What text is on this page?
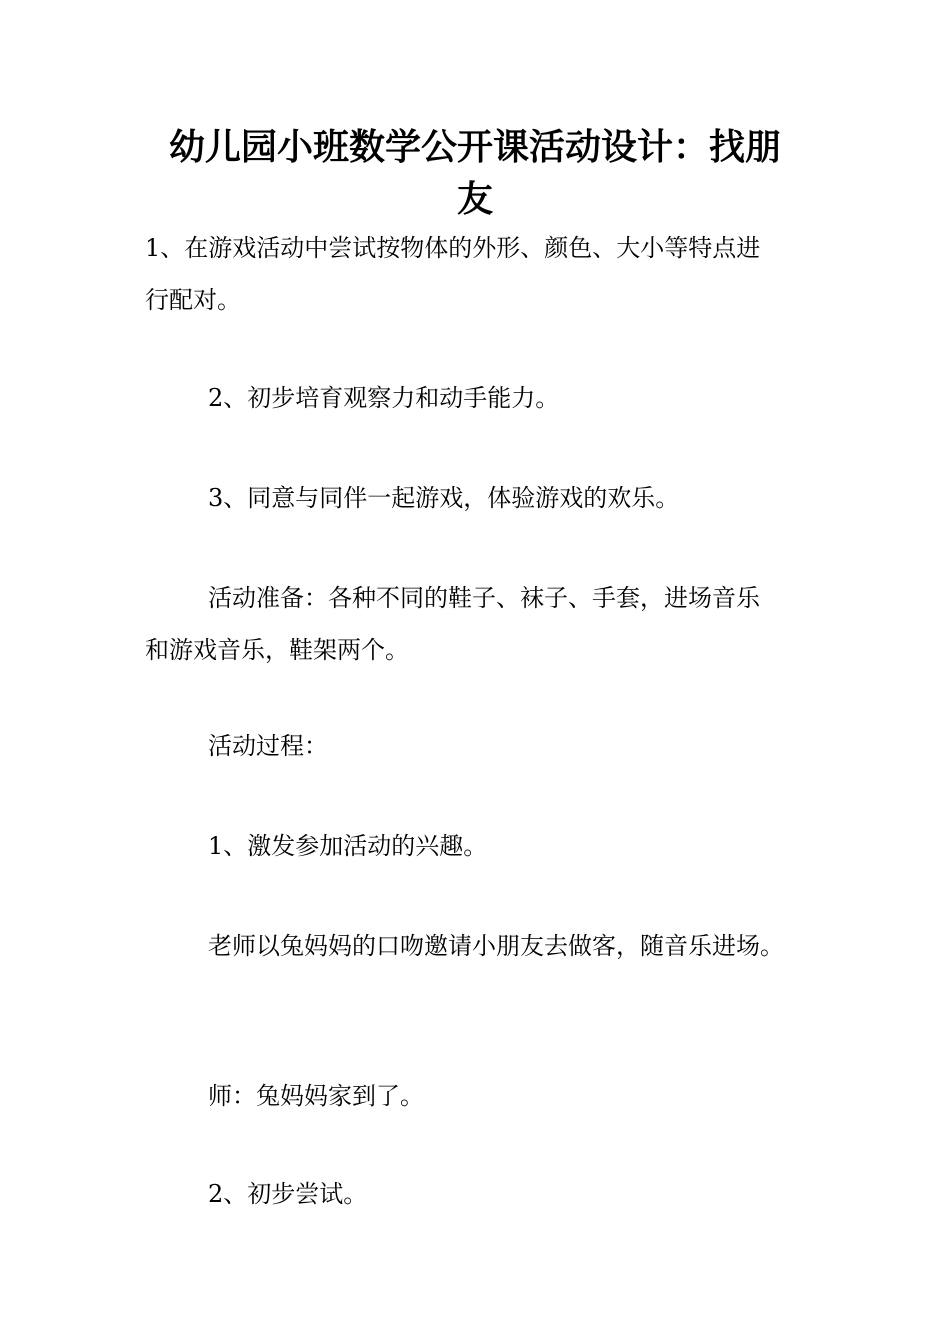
幼儿园小班数学公开课活动设计：找朋
友
1、在游戏活动中尝试按物体的外形、颜色、大小等特点进
行配对。
2、初步培育观察力和动手能力。
3、同意与同伴一起游戏，体验游戏的欢乐。
活动准备：各种不同的鞋子、袜子、手套，进场音乐
和游戏音乐，鞋架两个。
活动过程：
1、激发参加活动的兴趣。
老师以兔妈妈的口吻邀请小朋友去做客，随音乐进场。
师：兔妈妈家到了。
2、初步尝试。
